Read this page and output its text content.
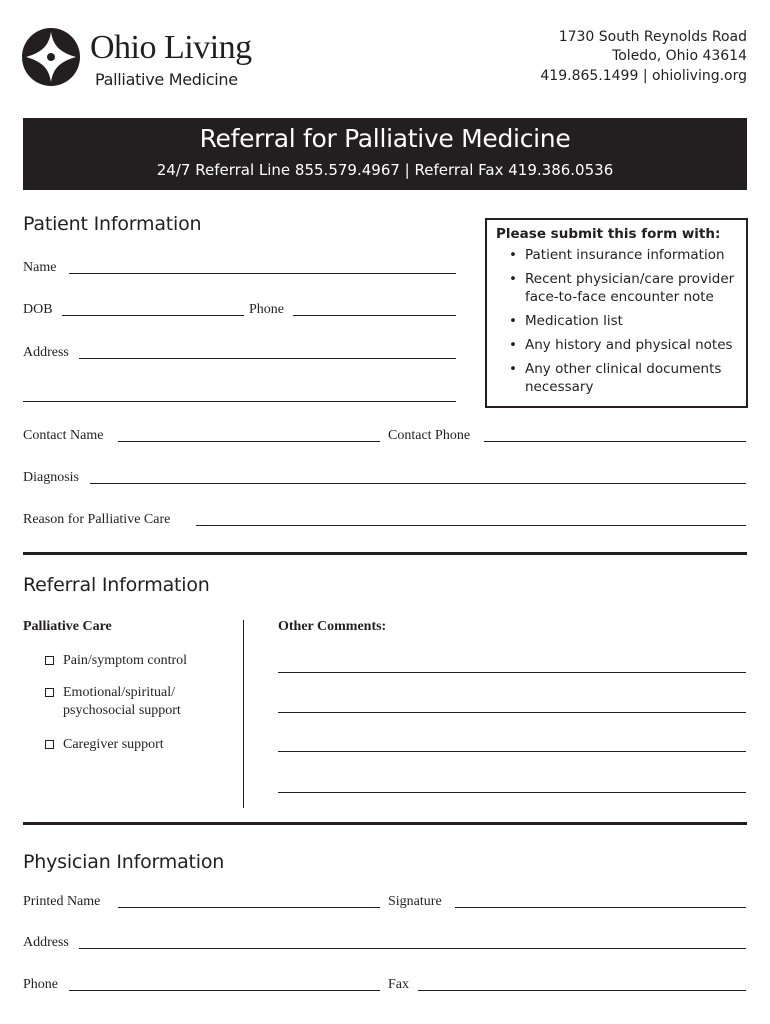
Ohio Living
Palliative Medicine
1730 South Reynolds Road
Toledo, Ohio 43614
419.865.1499 | ohioliving.org
Referral for Palliative Medicine
24/7 Referral Line 855.579.4967 | Referral Fax 419.386.0536
Patient Information
Name
DOB	Phone
Address
Please submit this form with:
• Patient insurance information
• Recent physician/care provider face-to-face encounter note
• Medication list
• Any history and physical notes
• Any other clinical documents necessary
Contact Name	Contact Phone
Diagnosis
Reason for Palliative Care
Referral Information
Palliative Care
Pain/symptom control
Emotional/spiritual/
psychosocial support
Caregiver support
Other Comments:
Physician Information
Printed Name	Signature
Address
Phone	Fax
